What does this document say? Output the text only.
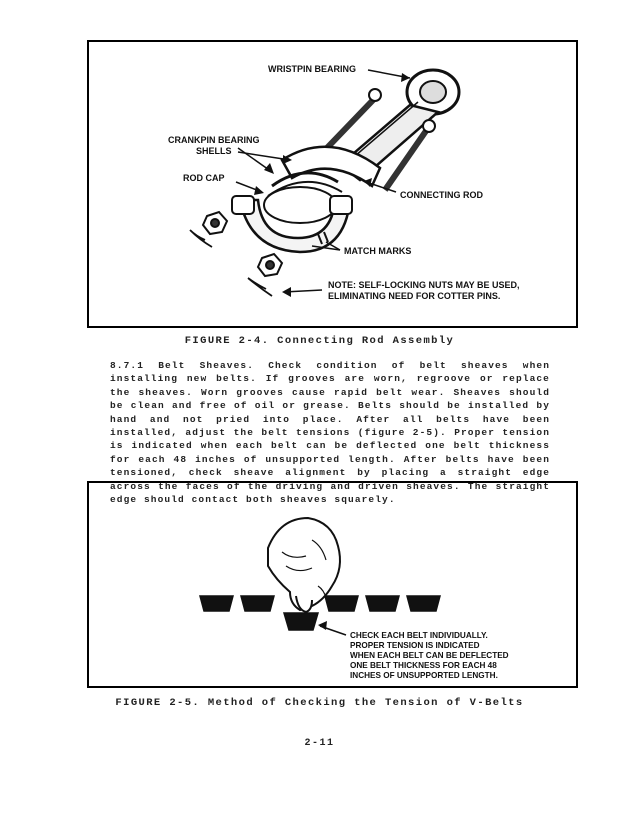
WRISTPIN BEARING
CRANKPIN BEARING
SHELLS
ROD CAP
CONNECTING ROD
MATCH MARKS
NOTE: SELF-LOCKING NUTS MAY BE USED,
ELIMINATING NEED FOR COTTER PINS.
CHECK EACH BELT INDIVIDUALLY.
PROPER TENSION IS INDICATED
WHEN EACH BELT CAN BE DEFLECTED
ONE BELT THICKNESS FOR EACH 48
INCHES OF UNSUPPORTED LENGTH.
FIGURE 2-4. Connecting Rod Assembly

8.7.1 Belt Sheaves. Check condition of belt sheaves when installing new belts. If grooves are worn, regroove or replace the sheaves. Worn grooves cause rapid belt wear. Sheaves should be clean and free of oil or grease. Belts should be installed by hand and not pried into place. After all belts have been installed, adjust the belt tensions (figure 2-5). Proper tension is indicated when each belt can be deflected one belt thickness for each 48 inches of unsupported length. After belts have been tensioned, check sheave alignment by placing a straight edge across the faces of the driving and driven sheaves. The straight edge should contact both sheaves squarely.

FIGURE 2-5. Method of Checking the Tension of V-Belts
2-11
